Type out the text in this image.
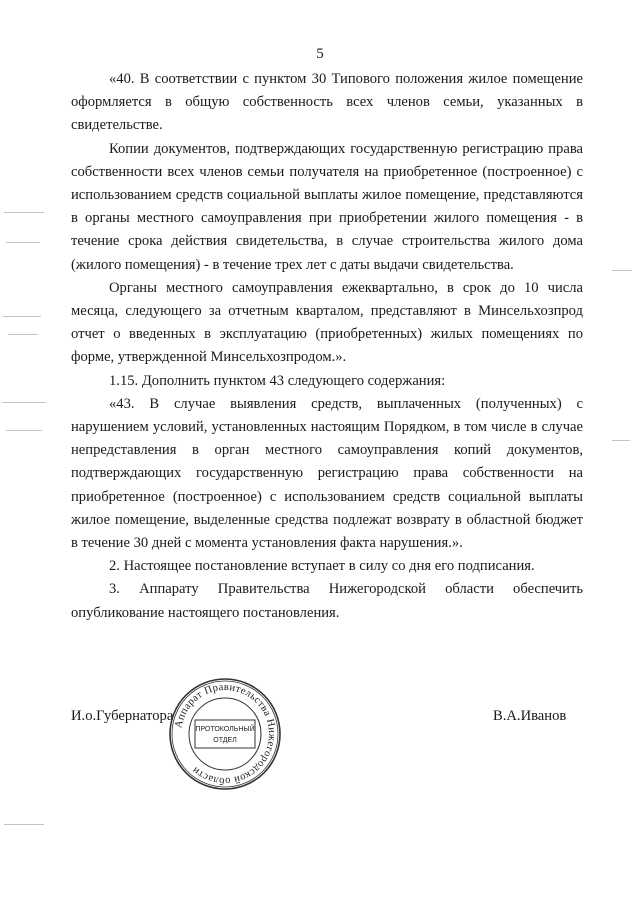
5

«40. В соответствии с пунктом 30 Типового положения жилое помещение оформляется в общую собственность всех членов семьи, указанных в свидетельстве.

Копии документов, подтверждающих государственную регистрацию права собственности всех членов семьи получателя на приобретенное (построенное) с использованием средств социальной выплаты жилое помещение, представляются в органы местного самоуправления при приобретении жилого помещения - в течение срока действия свидетельства, в случае строительства жилого дома (жилого помещения) - в течение трех лет с даты выдачи свидетельства.

Органы местного самоуправления ежеквартально, в срок до 10 числа месяца, следующего за отчетным кварталом, представляют в Минсельхозпрод отчет о введенных в эксплуатацию (приобретенных) жилых помещениях по форме, утвержденной Минсельхозпродом.».

1.15. Дополнить пунктом 43 следующего содержания:

«43. В случае выявления средств, выплаченных (полученных) с нарушением условий, установленных настоящим Порядком, в том числе в случае непредставления в орган местного самоуправления копий документов, подтверждающих государственную регистрацию права собственности на приобретенное (построенное) с использованием средств социальной выплаты жилое помещение, выделенные средства подлежат возврату в областной бюджет в течение 30 дней с момента установления факта нарушения.».

2. Настоящее постановление вступает в силу со дня его подписания.

3. Аппарату Правительства Нижегородской области обеспечить опубликование настоящего постановления.

И.о.Губернатора	В.А.Иванов
Аппарат Правительства Нижегородской области
ПРОТОКОЛЬНЫЙ
ОТДЕЛ
